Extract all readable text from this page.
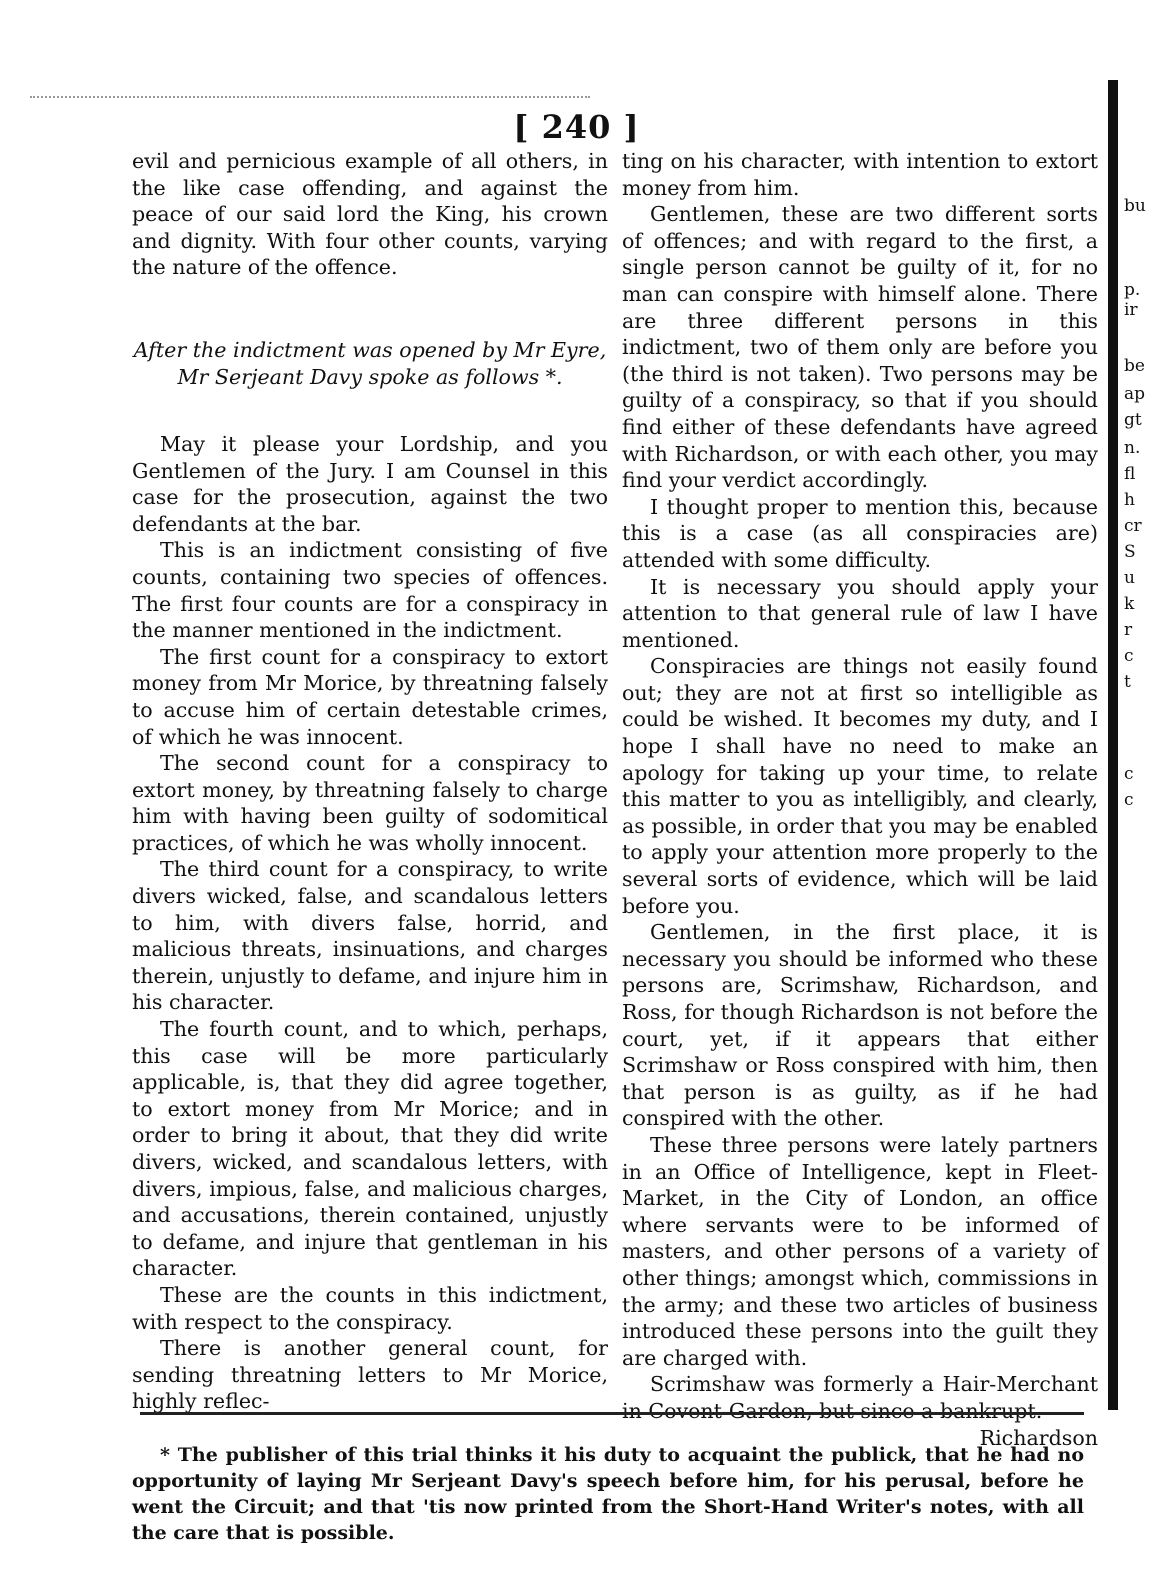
[ 240 ]

evil and pernicious example of all others, in the like case offending, and against the peace of our said lord the King, his crown and dignity. With four other counts, varying the nature of the offence.

After the indictment was opened by Mr Eyre, Mr Serjeant Davy spoke as follows *.

May it please your Lordship, and you Gentlemen of the Jury. I am Counsel in this case for the prosecution, against the two defendants at the bar.

This is an indictment consisting of five counts, containing two species of offences. The first four counts are for a conspiracy in the manner mentioned in the indictment.

The first count for a conspiracy to extort money from Mr Morice, by threatning falsely to accuse him of certain detestable crimes, of which he was innocent.

The second count for a conspiracy to extort money, by threatning falsely to charge him with having been guilty of sodomitical practices, of which he was wholly innocent.

The third count for a conspiracy, to write divers wicked, false, and scandalous letters to him, with divers false, horrid, and malicious threats, insinuations, and charges therein, unjustly to defame, and injure him in his character.

The fourth count, and to which, perhaps, this case will be more particularly applicable, is, that they did agree together, to extort money from Mr Morice; and in order to bring it about, that they did write divers, wicked, and scandalous letters, with divers, impious, false, and malicious charges, and accusations, therein contained, unjustly to defame, and injure that gentleman in his character.

These are the counts in this indictment, with respect to the conspiracy.

There is another general count, for sending threatning letters to Mr Morice, highly reflec-

ting on his character, with intention to extort money from him.

Gentlemen, these are two different sorts of offences; and with regard to the first, a single person cannot be guilty of it, for no man can conspire with himself alone. There are three different persons in this indictment, two of them only are before you (the third is not taken). Two persons may be guilty of a conspiracy, so that if you should find either of these defendants have agreed with Richardson, or with each other, you may find your verdict accordingly.

I thought proper to mention this, because this is a case (as all conspiracies are) attended with some difficulty.

It is necessary you should apply your attention to that general rule of law I have mentioned.

Conspiracies are things not easily found out; they are not at first so intelligible as could be wished. It becomes my duty, and I hope I shall have no need to make an apology for taking up your time, to relate this matter to you as intelligibly, and clearly, as possible, in order that you may be enabled to apply your attention more properly to the several sorts of evidence, which will be laid before you.

Gentlemen, in the first place, it is necessary you should be informed who these persons are, Scrimshaw, Richardson, and Ross, for though Richardson is not before the court, yet, if it appears that either Scrimshaw or Ross conspired with him, then that person is as guilty, as if he had conspired with the other.

These three persons were lately partners in an Office of Intelligence, kept in Fleet-Market, in the City of London, an office where servants were to be informed of masters, and other persons of a variety of other things; amongst which, commissions in the army; and these two articles of business introduced these persons into the guilt they are charged with.

Scrimshaw was formerly a Hair-Merchant in Covent-Garden, but since a bankrupt.

Richardson

* The publisher of this trial thinks it his duty to acquaint the publick, that he had no opportunity of laying Mr Serjeant Davy's speech before him, for his perusal, before he went the Circuit; and that 'tis now printed from the Short-Hand Writer's notes, with all the care that is possible.
bu
p.
ir
be
ap
gt
n.
fl
h
cr
S
u
k
r
c
t
c
c
